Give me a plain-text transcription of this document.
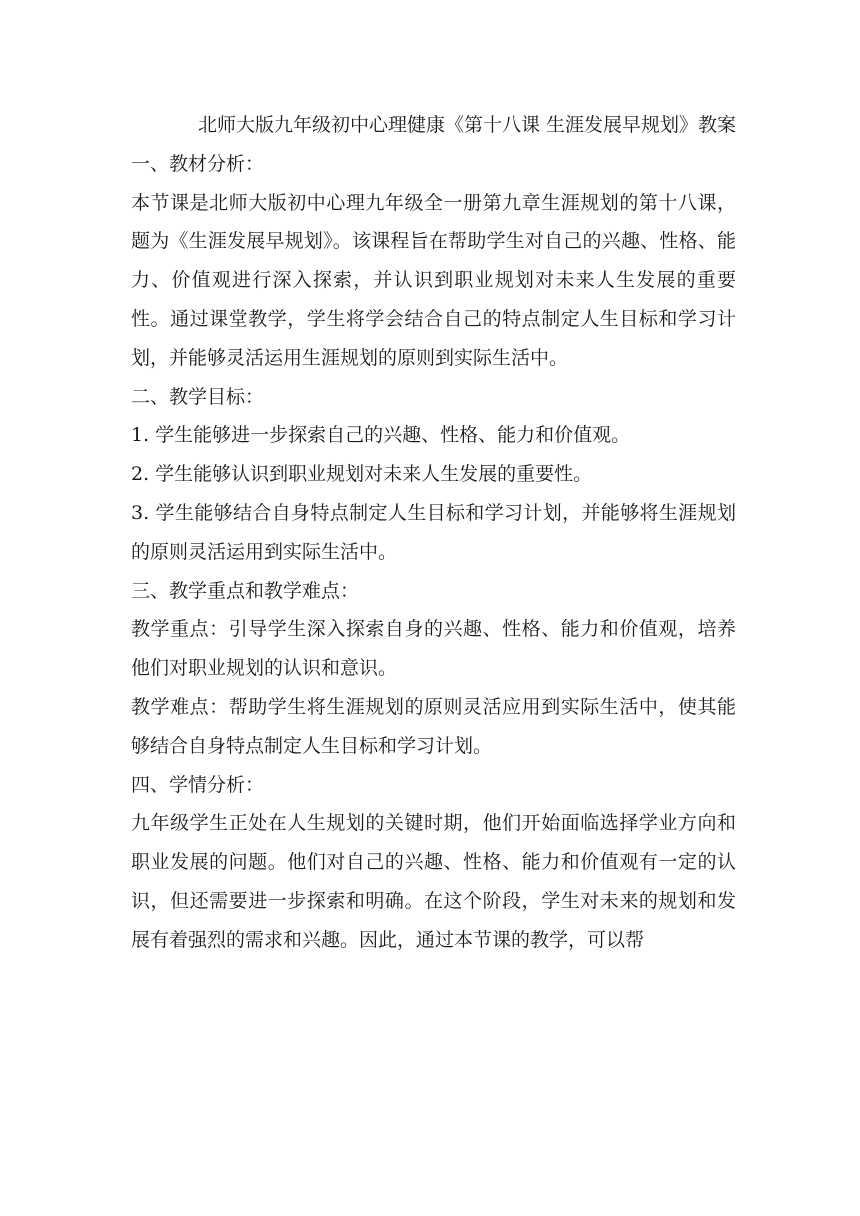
北师大版九年级初中心理健康《第十八课 生涯发展早规划》教案

一、教材分析：

本节课是北师大版初中心理九年级全一册第九章生涯规划的第十八课，题为《生涯发展早规划》。该课程旨在帮助学生对自己的兴趣、性格、能力、价值观进行深入探索，并认识到职业规划对未来人生发展的重要性。通过课堂教学，学生将学会结合自己的特点制定人生目标和学习计划，并能够灵活运用生涯规划的原则到实际生活中。

二、教学目标：

1. 学生能够进一步探索自己的兴趣、性格、能力和价值观。

2. 学生能够认识到职业规划对未来人生发展的重要性。

3. 学生能够结合自身特点制定人生目标和学习计划，并能够将生涯规划的原则灵活运用到实际生活中。

三、教学重点和教学难点：

教学重点：引导学生深入探索自身的兴趣、性格、能力和价值观，培养他们对职业规划的认识和意识。

教学难点：帮助学生将生涯规划的原则灵活应用到实际生活中，使其能够结合自身特点制定人生目标和学习计划。

四、学情分析：

九年级学生正处在人生规划的关键时期，他们开始面临选择学业方向和职业发展的问题。他们对自己的兴趣、性格、能力和价值观有一定的认识，但还需要进一步探索和明确。在这个阶段，学生对未来的规划和发展有着强烈的需求和兴趣。因此，通过本节课的教学，可以帮
